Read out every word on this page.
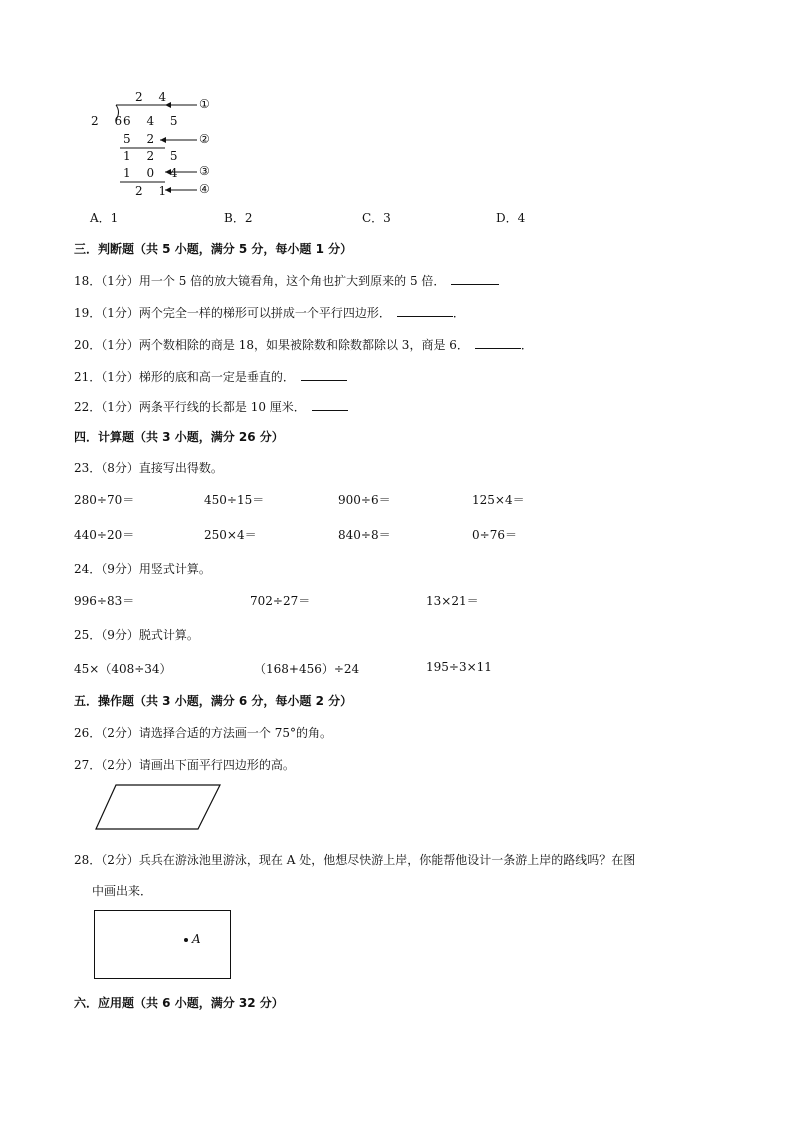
2 4
2 6
6 4 5
5 2
1 2 5
1 0 4
2 1
①
②
③
④
A．1	B．2	C．3	D．4
三．判断题（共 5 小题，满分 5 分，每小题 1 分）
18．（1分）用一个 5 倍的放大镜看角，这个角也扩大到原来的 5 倍．
19．（1分）两个完全一样的梯形可以拼成一个平行四边形．	．
20．（1分）两个数相除的商是 18，如果被除数和除数都除以 3，商是 6．	．
21．（1分）梯形的底和高一定是垂直的．
22．（1分）两条平行线的长都是 10 厘米．
四．计算题（共 3 小题，满分 26 分）
23．（8分）直接写出得数。
280÷70＝	450÷15＝	900÷6＝	125×4＝
440÷20＝	250×4＝	840÷8＝	0÷76＝
24．（9分）用竖式计算。
996÷83＝	702÷27＝	13×21＝
25．（9分）脱式计算。
45×（408÷34）	（168+456）÷24	195÷3×11
五．操作题（共 3 小题，满分 6 分，每小题 2 分）
26．（2分）请选择合适的方法画一个 75°的角。
27．（2分）请画出下面平行四边形的高。
28．（2分）兵兵在游泳池里游泳，现在 A 处，他想尽快游上岸，你能帮他设计一条游上岸的路线吗？在图
中画出来．
A
六．应用题（共 6 小题，满分 32 分）
